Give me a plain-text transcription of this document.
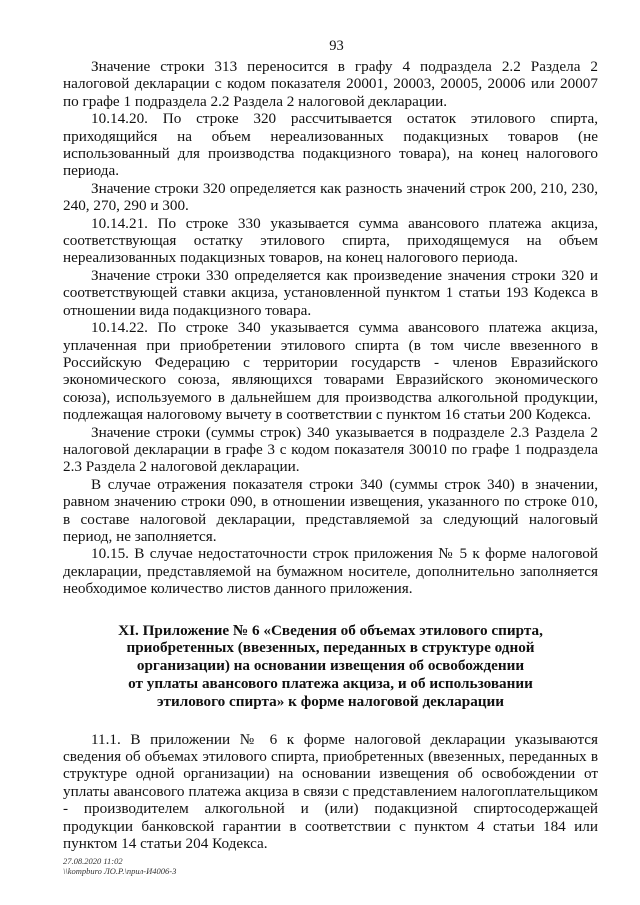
93

Значение строки 313 переносится в графу 4 подраздела 2.2 Раздела 2 налоговой декларации с кодом показателя 20001, 20003, 20005, 20006 или 20007 по графе 1 подраздела 2.2 Раздела 2 налоговой декларации.

10.14.20. По строке 320 рассчитывается остаток этилового спирта, приходящийся на объем нереализованных подакцизных товаров (не использованный для производства подакцизного товара), на конец налогового периода.

Значение строки 320 определяется как разность значений строк 200, 210, 230, 240, 270, 290 и 300.

10.14.21. По строке 330 указывается сумма авансового платежа акциза, соответствующая остатку этилового спирта, приходящемуся на объем нереализованных подакцизных товаров, на конец налогового периода.

Значение строки 330 определяется как произведение значения строки 320 и соответствующей ставки акциза, установленной пунктом 1 статьи 193 Кодекса в отношении вида подакцизного товара.

10.14.22. По строке 340 указывается сумма авансового платежа акциза, уплаченная при приобретении этилового спирта (в том числе ввезенного в Российскую Федерацию с территории государств - членов Евразийского экономического союза, являющихся товарами Евразийского экономического союза), используемого в дальнейшем для производства алкогольной продукции, подлежащая налоговому вычету в соответствии с пунктом 16 статьи 200 Кодекса.

Значение строки (суммы строк) 340 указывается в подразделе 2.3 Раздела 2 налоговой декларации в графе 3 с кодом показателя 30010 по графе 1 подраздела 2.3 Раздела 2 налоговой декларации.

В случае отражения показателя строки 340 (суммы строк 340) в значении, равном значению строки 090, в отношении извещения, указанного по строке 010, в составе налоговой декларации, представляемой за следующий налоговый период, не заполняется.

10.15. В случае недостаточности строк приложения № 5 к форме налоговой декларации, представляемой на бумажном носителе, дополнительно заполняется необходимое количество листов данного приложения.

XI. Приложение № 6 «Сведения об объемах этилового спирта,
приобретенных (ввезенных, переданных в структуре одной
организации) на основании извещения об освобождении
от уплаты авансового платежа акциза, и об использовании
этилового спирта» к форме налоговой декларации

11.1. В приложении № 6 к форме налоговой декларации указываются сведения об объемах этилового спирта, приобретенных (ввезенных, переданных в структуре одной организации) на основании извещения об освобождении от уплаты авансового платежа акциза в связи с представлением налогоплательщиком - производителем алкогольной и (или) подакцизной спиртосодержащей продукции банковской гарантии в соответствии с пунктом 4 статьи 184 или пунктом 14 статьи 204 Кодекса.

27.08.2020 11:02
\\kompburo ЛО.Р.\прил-И4006-3
